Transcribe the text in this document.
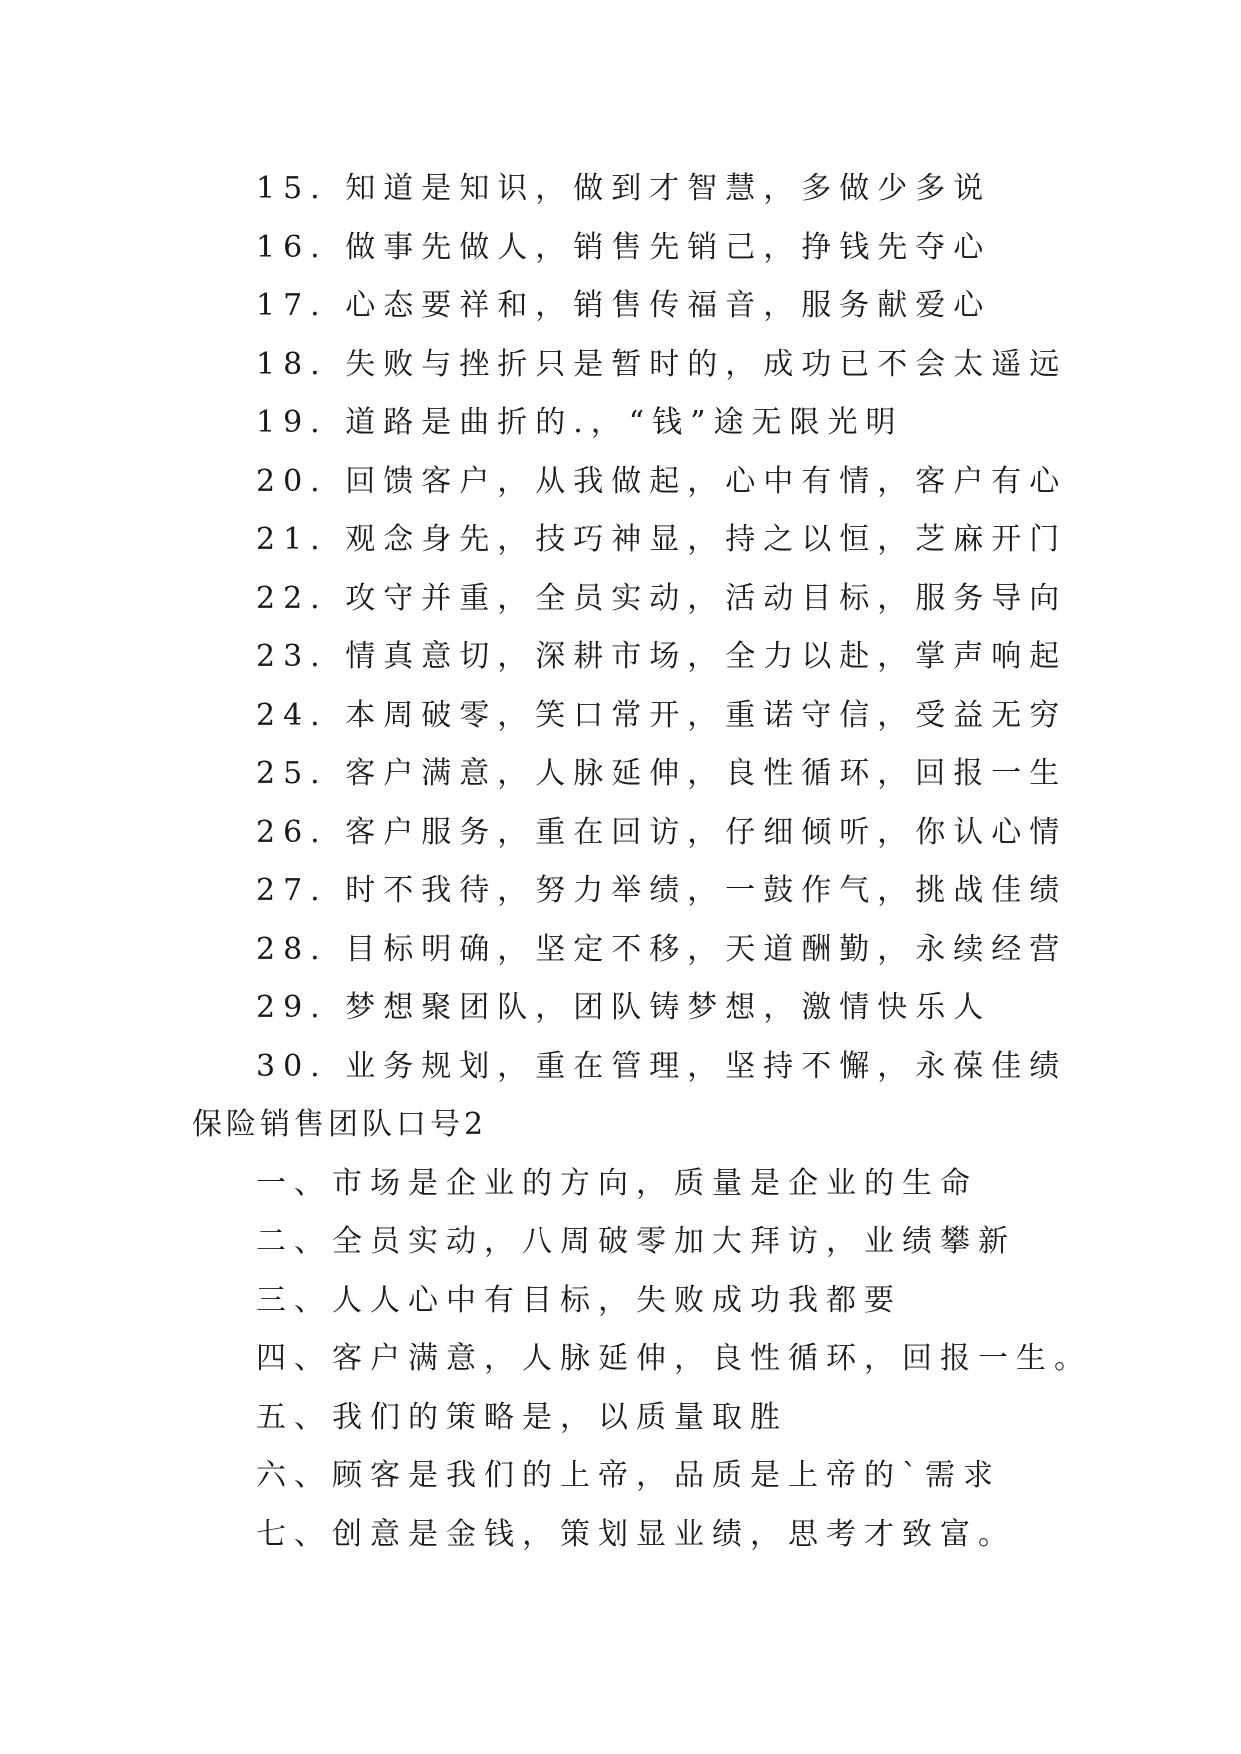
15. 知道是知识，做到才智慧，多做少多说
16. 做事先做人，销售先销己，挣钱先夺心
17. 心态要祥和，销售传福音，服务献爱心
18. 失败与挫折只是暂时的，成功已不会太遥远
19. 道路是曲折的.，“钱”途无限光明
20. 回馈客户，从我做起，心中有情，客户有心
21. 观念身先，技巧神显，持之以恒，芝麻开门
22. 攻守并重，全员实动，活动目标，服务导向
23. 情真意切，深耕市场，全力以赴，掌声响起
24. 本周破零，笑口常开，重诺守信，受益无穷
25. 客户满意，人脉延伸，良性循环，回报一生
26. 客户服务，重在回访，仔细倾听，你认心情
27. 时不我待，努力举绩，一鼓作气，挑战佳绩
28. 目标明确，坚定不移，天道酬勤，永续经营
29. 梦想聚团队，团队铸梦想，激情快乐人
30. 业务规划，重在管理，坚持不懈，永葆佳绩
保险销售团队口号2
一、市场是企业的方向，质量是企业的生命
二、全员实动，八周破零加大拜访，业绩攀新
三、人人心中有目标，失败成功我都要
四、客户满意，人脉延伸，良性循环，回报一生。
五、我们的策略是，以质量取胜
六、顾客是我们的上帝，品质是上帝的`需求
七、创意是金钱，策划显业绩，思考才致富。
